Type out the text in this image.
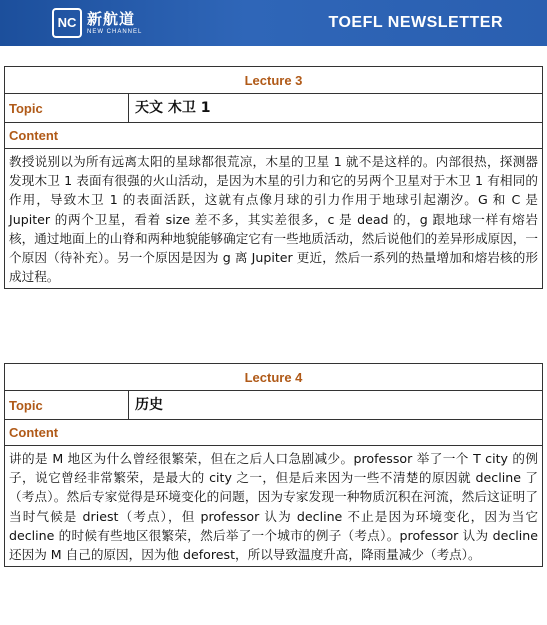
NC 新航道
NEW CHANNEL
TOEFL NEWSLETTER
Lecture 3
Topic	天文 木卫 1
Content
教授说别以为所有远离太阳的星球都很荒凉，木星的卫星 1 就不是这样的。内部很热，探测器发现木卫 1 表面有很强的火山活动，是因为木星的引力和它的另两个卫星对于木卫 1 有相同的作用，导致木卫 1 的表面活跃，这就有点像月球的引力作用于地球引起潮汐。G 和 C 是 Jupiter 的两个卫星，看着 size 差不多，其实差很多，c 是 dead 的，g 跟地球一样有熔岩核，通过地面上的山脊和两种地貌能够确定它有一些地质活动，然后说他们的差异形成原因，一个原因（待补充）。另一个原因是因为 g 离 Jupiter 更近，然后一系列的热量增加和熔岩核的形成过程。
Lecture 4
Topic	历史
Content
讲的是 M 地区为什么曾经很繁荣，但在之后人口急剧减少。professor 举了一个 T city 的例子，说它曾经非常繁荣，是最大的 city 之一，但是后来因为一些不清楚的原因就 decline 了（考点）。然后专家觉得是环境变化的问题，因为专家发现一种物质沉积在河流，然后这证明了当时气候是 driest（考点），但 professor 认为 decline 不止是因为环境变化，因为当它 decline 的时候有些地区很繁荣，然后举了一个城市的例子（考点）。professor 认为 decline 还因为 M 自己的原因，因为他 deforest，所以导致温度升高，降雨量减少（考点）。
